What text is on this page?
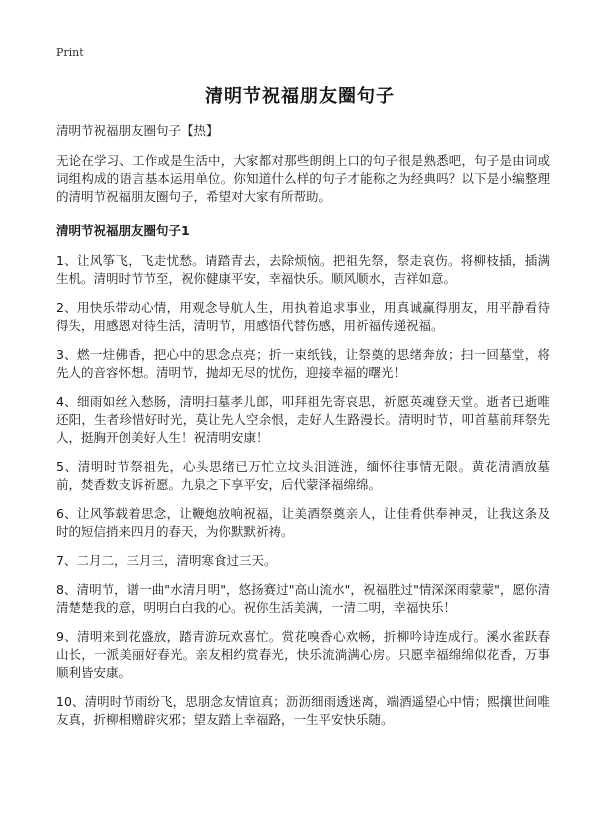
Print
清明节祝福朋友圈句子

清明节祝福朋友圈句子【热】

无论在学习、工作或是生活中，大家都对那些朗朗上口的句子很是熟悉吧，句子是由词或词组构成的语言基本运用单位。你知道什么样的句子才能称之为经典吗？以下是小编整理的清明节祝福朋友圈句子，希望对大家有所帮助。

清明节祝福朋友圈句子1

1、让风筝飞，飞走忧愁。请踏青去，去除烦恼。把祖先祭，祭走哀伤。将柳枝插，插满生机。清明时节节至，祝你健康平安，幸福快乐。顺风顺水，吉祥如意。

2、用快乐带动心情，用观念导航人生，用执着追求事业，用真诚赢得朋友，用平静看待得失，用感恩对待生活，清明节，用感悟代替伤感，用祈福传递祝福。

3、燃一炷佛香，把心中的思念点亮；折一束纸钱，让祭奠的思绪奔放；扫一回墓堂，将先人的音容怀想。清明节，抛却无尽的忧伤，迎接幸福的曙光！

4、细雨如丝入愁肠，清明扫墓孝儿郎，叩拜祖先寄哀思，祈愿英魂登天堂。逝者已逝唯还阳，生者珍惜好时光，莫让先人空余恨，走好人生路漫长。清明时节，叩首墓前拜祭先人，挺胸开创美好人生！祝清明安康！

5、清明时节祭祖先，心头思绪已万忙立坟头泪涟涟，缅怀往事情无限。黄花清酒放墓前，焚香数支诉祈愿。九泉之下享平安，后代蒙泽福绵绵。

6、让风筝载着思念，让鞭炮放响祝福，让美酒祭奠亲人，让佳肴供奉神灵，让我这条及时的短信捎来四月的春天，为你默默祈祷。

7、二月二，三月三，清明寒食过三天。

8、清明节，谱一曲"水清月明"，悠扬赛过"高山流水"，祝福胜过"情深深雨蒙蒙"，愿你清清楚楚我的意，明明白白我的心。祝你生活美满，一清二明，幸福快乐！

9、清明来到花盛放，踏青游玩欢喜忙。赏花嗅香心欢畅，折柳吟诗连成行。溪水雀跃春山长，一派美丽好春光。亲友相约赏春光，快乐流淌满心房。只愿幸福绵绵似花香，万事顺利皆安康。

10、清明时节雨纷飞，思朋念友情谊真；沥沥细雨透迷离，端酒遥望心中情；熙攘世间唯友真，折柳相赠辟灾邪；望友踏上幸福路，一生平安快乐随。
